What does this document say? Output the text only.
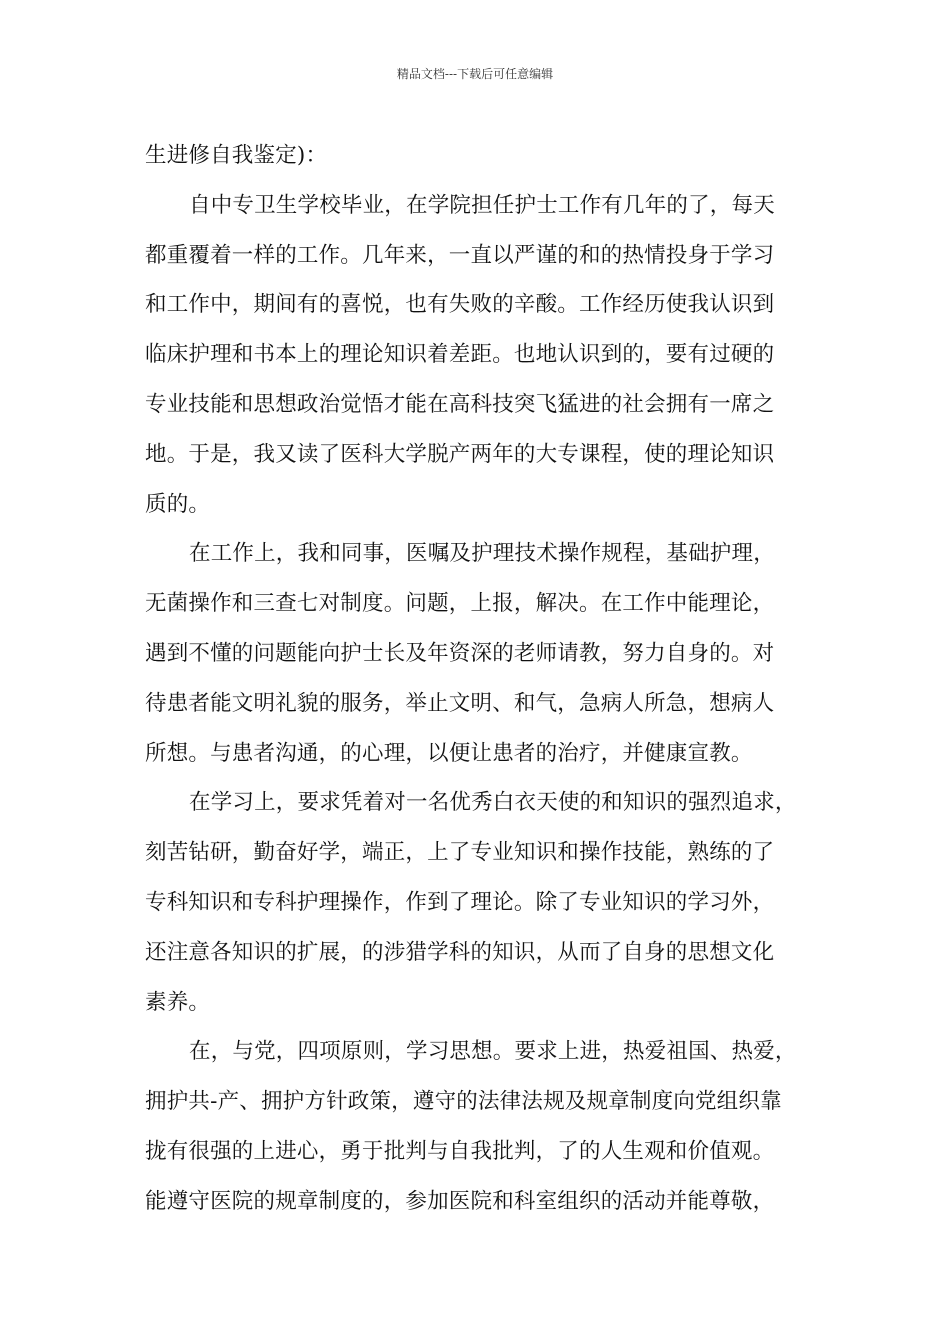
精品文档---下载后可任意编辑
生进修自我鉴定)：
自中专卫生学校毕业，在学院担任护士工作有几年的了，每天
都重覆着一样的工作。几年来，一直以严谨的和的热情投身于学习
和工作中，期间有的喜悦，也有失败的辛酸。工作经历使我认识到
临床护理和书本上的理论知识着差距。也地认识到的，要有过硬的
专业技能和思想政治觉悟才能在高科技突飞猛进的社会拥有一席之
地。于是，我又读了医科大学脱产两年的大专课程，使的理论知识
质的。
在工作上，我和同事，医嘱及护理技术操作规程，基础护理，
无菌操作和三查七对制度。问题，上报，解决。在工作中能理论，
遇到不懂的问题能向护士长及年资深的老师请教，努力自身的。对
待患者能文明礼貌的服务，举止文明、和气，急病人所急，想病人
所想。与患者沟通，的心理，以便让患者的治疗，并健康宣教。
在学习上，要求凭着对一名优秀白衣天使的和知识的强烈追求，
刻苦钻研，勤奋好学，端正，上了专业知识和操作技能，熟练的了
专科知识和专科护理操作，作到了理论。除了专业知识的学习外，
还注意各知识的扩展，的涉猎学科的知识，从而了自身的思想文化
素养。
在，与党，四项原则，学习思想。要求上进，热爱祖国、热爱，
拥护共-产、拥护方针政策，遵守的法律法规及规章制度向党组织靠
拢有很强的上进心，勇于批判与自我批判，了的人生观和价值观。
能遵守医院的规章制度的，参加医院和科室组织的活动并能尊敬，
